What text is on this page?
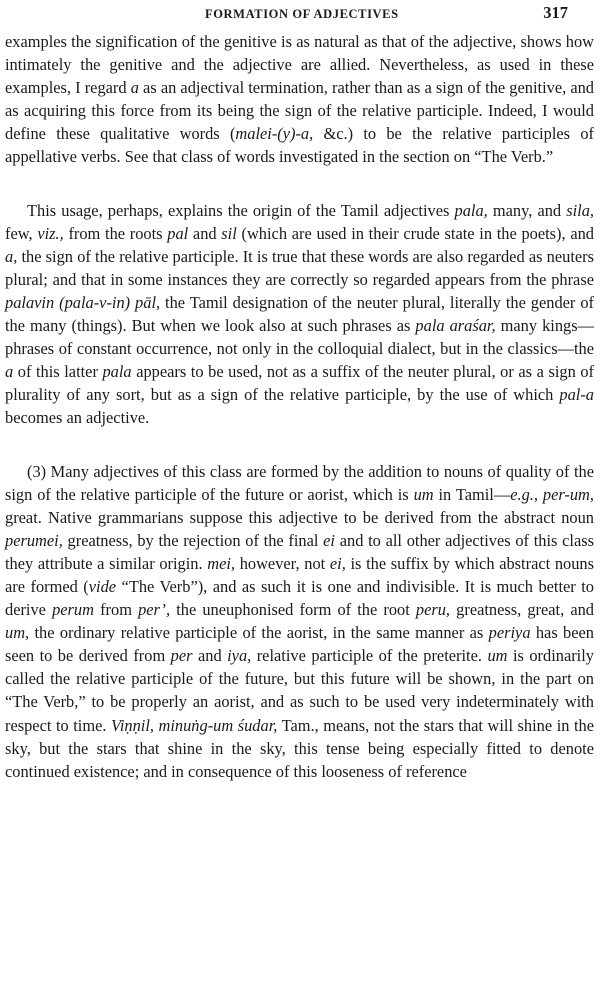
FORMATION OF ADJECTIVES	317

examples the signification of the genitive is as natural as that of the adjective, shows how intimately the genitive and the adjective are allied. Nevertheless, as used in these examples, I regard a as an adjectival termination, rather than as a sign of the genitive, and as acquiring this force from its being the sign of the relative participle. Indeed, I would define these qualitative words (malei-(y)-a, &c.) to be the relative participles of appellative verbs. See that class of words investigated in the section on “The Verb.”

This usage, perhaps, explains the origin of the Tamil adjectives pala, many, and sila, few, viz., from the roots pal and sil (which are used in their crude state in the poets), and a, the sign of the relative participle. It is true that these words are also regarded as neuters plural; and that in some instances they are correctly so regarded appears from the phrase palavin (pala-v-in) pāl, the Tamil designation of the neuter plural, literally the gender of the many (things). But when we look also at such phrases as pala araśar, many kings—phrases of constant occurrence, not only in the colloquial dialect, but in the classics—the a of this latter pala appears to be used, not as a suffix of the neuter plural, or as a sign of plurality of any sort, but as a sign of the relative participle, by the use of which pal-a becomes an adjective.

(3) Many adjectives of this class are formed by the addition to nouns of quality of the sign of the relative participle of the future or aorist, which is um in Tamil—e.g., per-um, great. Native grammarians suppose this adjective to be derived from the abstract noun perumei, greatness, by the rejection of the final ei and to all other adjectives of this class they attribute a similar origin. mei, however, not ei, is the suffix by which abstract nouns are formed (vide “The Verb”), and as such it is one and indivisible. It is much better to derive perum from per’, the uneuphonised form of the root peru, greatness, great, and um, the ordinary relative participle of the aorist, in the same manner as periya has been seen to be derived from per and iya, relative participle of the preterite. um is ordinarily called the relative participle of the future, but this future will be shown, in the part on “The Verb,” to be properly an aorist, and as such to be used very indeterminately with respect to time. Viṇṇil, minuṅg-um śudar, Tam., means, not the stars that will shine in the sky, but the stars that shine in the sky, this tense being especially fitted to denote continued existence; and in consequence of this looseness of reference
